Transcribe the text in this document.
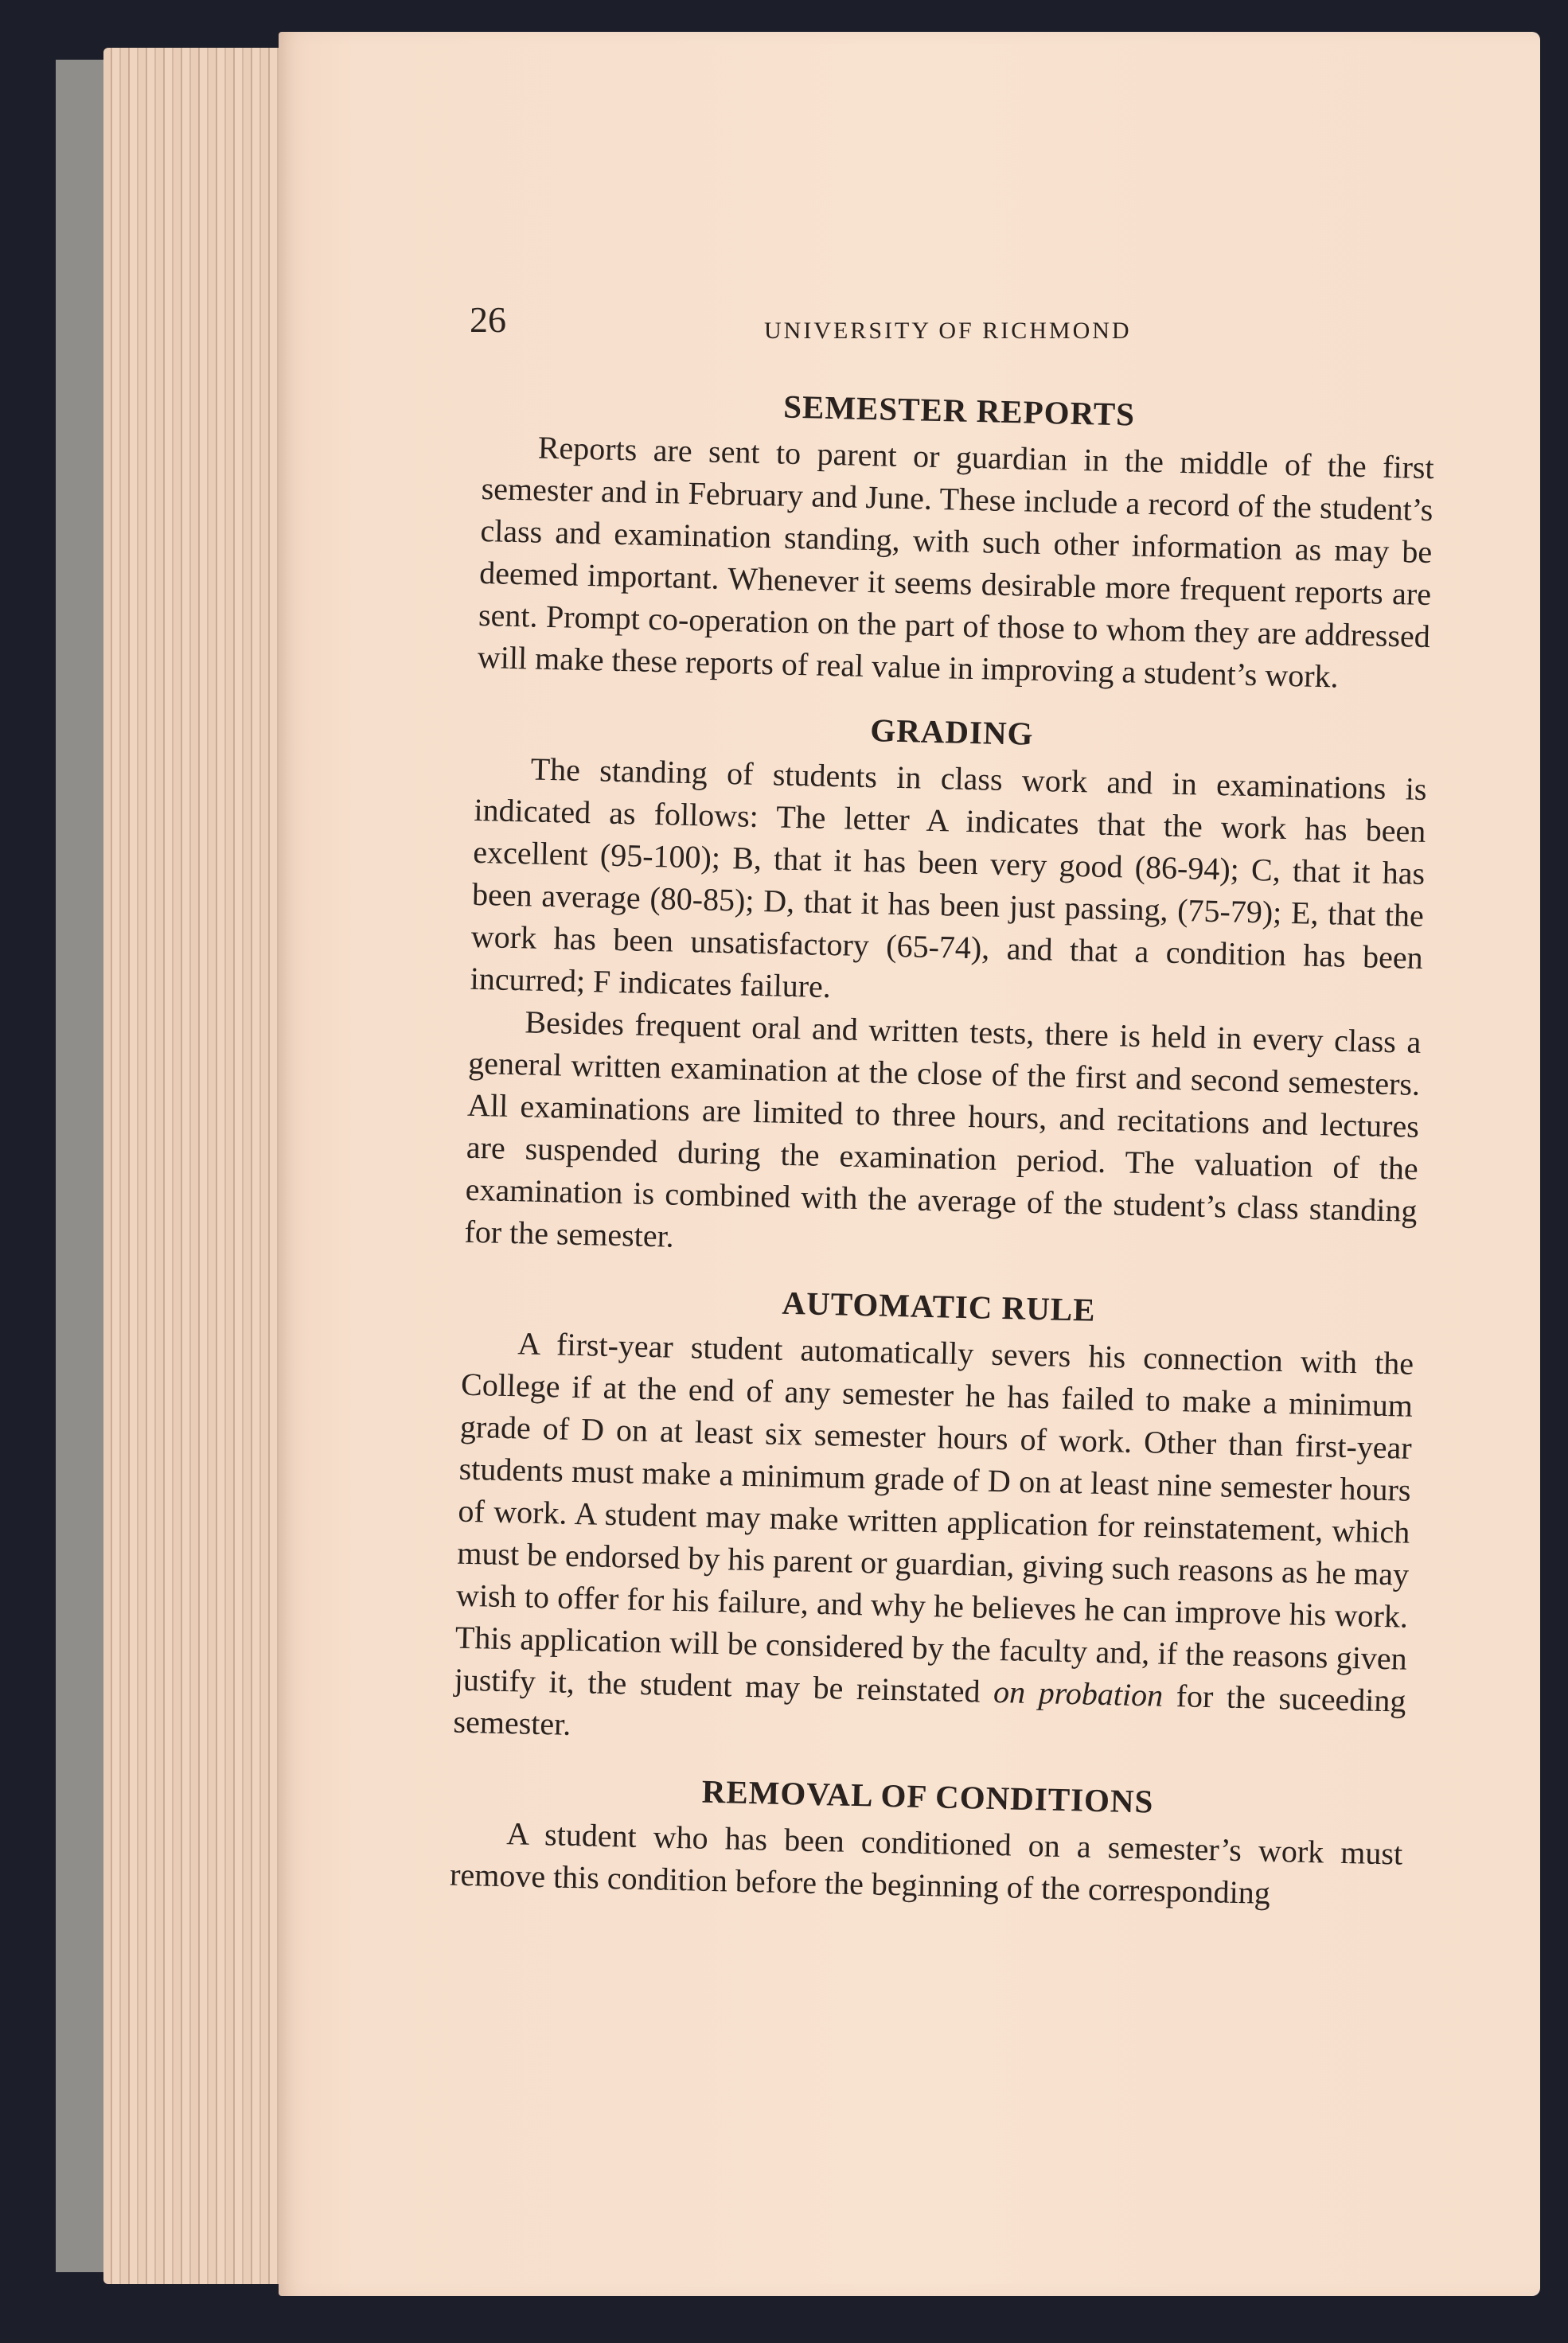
26	UNIVERSITY OF RICHMOND
SEMESTER REPORTS

Reports are sent to parent or guardian in the middle of the first semester and in February and June. These include a record of the student’s class and examination standing, with such other information as may be deemed important. Whenever it seems desirable more frequent reports are sent. Prompt co-operation on the part of those to whom they are addressed will make these reports of real value in improving a student’s work.

GRADING

The standing of students in class work and in examinations is indicated as follows: The letter A indicates that the work has been excellent (95-100); B, that it has been very good (86-94); C, that it has been average (80-85); D, that it has been just passing, (75-79); E, that the work has been unsatisfactory (65-74), and that a condition has been incurred; F indicates failure.

Besides frequent oral and written tests, there is held in every class a general written examination at the close of the first and second semesters. All examinations are limited to three hours, and recitations and lectures are suspended during the examination period. The valuation of the examination is combined with the average of the student’s class standing for the semester.

AUTOMATIC RULE

A first-year student automatically severs his connection with the College if at the end of any semester he has failed to make a minimum grade of D on at least six semester hours of work. Other than first-year students must make a minimum grade of D on at least nine semester hours of work. A student may make written application for reinstatement, which must be endorsed by his parent or guardian, giving such reasons as he may wish to offer for his failure, and why he believes he can improve his work. This application will be considered by the faculty and, if the reasons given justify it, the student may be reinstated on probation for the suceeding semester.

REMOVAL OF CONDITIONS

A student who has been conditioned on a semester’s work must remove this condition before the beginning of the corresponding
